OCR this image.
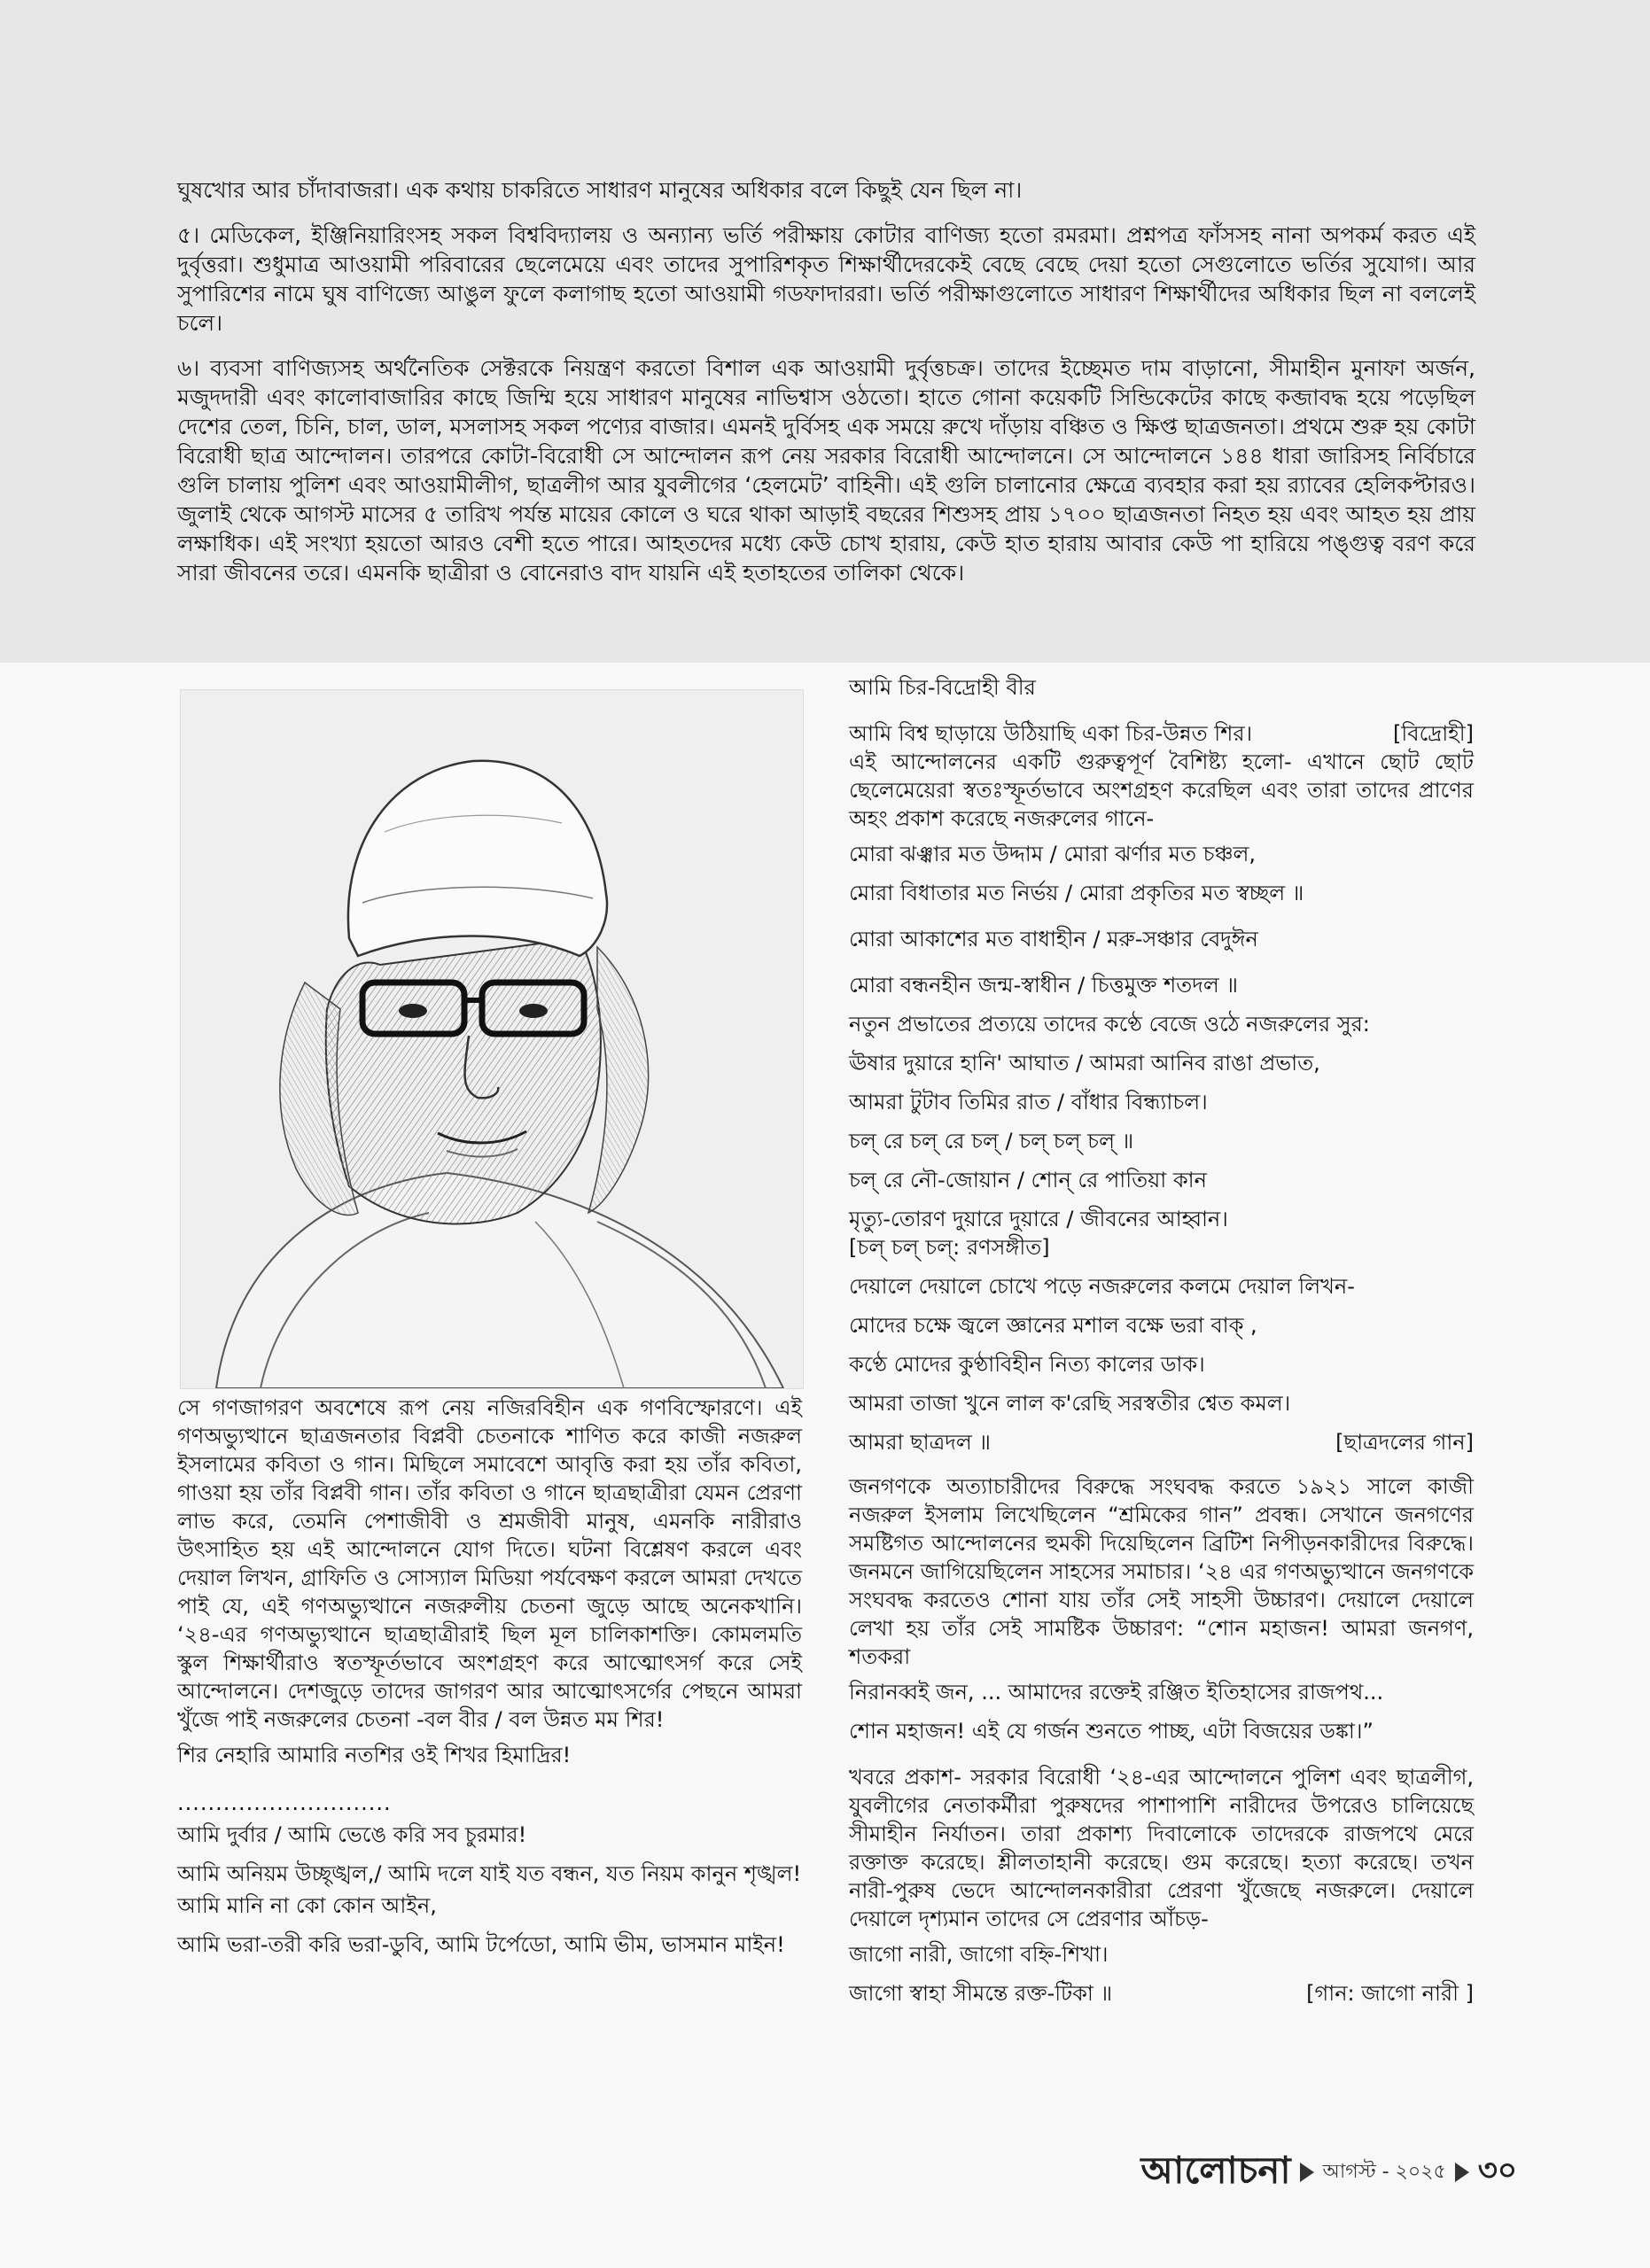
ঘুষখোর আর চাঁদাবাজরা। এক কথায় চাকরিতে সাধারণ মানুষের অধিকার বলে কিছুই যেন ছিল না।

৫। মেডিকেল, ইঞ্জিনিয়ারিংসহ সকল বিশ্ববিদ্যালয় ও অন্যান্য ভর্তি পরীক্ষায় কোটার বাণিজ্য হতো রমরমা। প্রশ্নপত্র ফাঁসসহ নানা অপকর্ম করত এই দুর্বৃত্তরা। শুধুমাত্র আওয়ামী পরিবারের ছেলেমেয়ে এবং তাদের সুপারিশকৃত শিক্ষার্থীদেরকেই বেছে বেছে দেয়া হতো সেগুলোতে ভর্তির সুযোগ। আর সুপারিশের নামে ঘুষ বাণিজ্যে আঙুল ফুলে কলাগাছ হতো আওয়ামী গডফাদাররা। ভর্তি পরীক্ষাগুলোতে সাধারণ শিক্ষার্থীদের অধিকার ছিল না বললেই চলে।

৬। ব্যবসা বাণিজ্যসহ অর্থনৈতিক সেক্টরকে নিয়ন্ত্রণ করতো বিশাল এক আওয়ামী দুর্বৃত্তচক্র। তাদের ইচ্ছেমত দাম বাড়ানো, সীমাহীন মুনাফা অর্জন, মজুদদারী এবং কালোবাজারির কাছে জিম্মি হয়ে সাধারণ মানুষের নাভিশ্বাস ওঠতো। হাতে গোনা কয়েকটি সিন্ডিকেটের কাছে কব্জাবদ্ধ হয়ে পড়েছিল দেশের তেল, চিনি, চাল, ডাল, মসলাসহ সকল পণ্যের বাজার। এমনই দুর্বিসহ এক সময়ে রুখে দাঁড়ায় বঞ্চিত ও ক্ষিপ্ত ছাত্রজনতা। প্রথমে শুরু হয় কোটা বিরোধী ছাত্র আন্দোলন। তারপরে কোটা-বিরোধী সে আন্দোলন রূপ নেয় সরকার বিরোধী আন্দোলনে। সে আন্দোলনে ১৪৪ ধারা জারিসহ নির্বিচারে গুলি চালায় পুলিশ এবং আওয়ামীলীগ, ছাত্রলীগ আর যুবলীগের ‘হেলমেট’ বাহিনী। এই গুলি চালানোর ক্ষেত্রে ব্যবহার করা হয় র‍্যাবের হেলিকপ্টারও। জুলাই থেকে আগস্ট মাসের ৫ তারিখ পর্যন্ত মায়ের কোলে ও ঘরে থাকা আড়াই বছরের শিশুসহ প্রায় ১৭০০ ছাত্রজনতা নিহত হয় এবং আহত হয় প্রায় লক্ষাধিক। এই সংখ্যা হয়তো আরও বেশী হতে পারে। আহতদের মধ্যে কেউ চোখ হারায়, কেউ হাত হারায় আবার কেউ পা হারিয়ে পঙ্গুত্ব বরণ করে সারা জীবনের তরে। এমনকি ছাত্রীরা ও বোনেরাও বাদ যায়নি এই হতাহতের তালিকা থেকে।

সে গণজাগরণ অবশেষে রূপ নেয় নজিরবিহীন এক গণবিস্ফোরণে। এই গণঅভ্যুত্থানে ছাত্রজনতার বিপ্লবী চেতনাকে শাণিত করে কাজী নজরুল ইসলামের কবিতা ও গান। মিছিলে সমাবেশে আবৃত্তি করা হয় তাঁর কবিতা, গাওয়া হয় তাঁর বিপ্লবী গান। তাঁর কবিতা ও গানে ছাত্রছাত্রীরা যেমন প্রেরণা লাভ করে, তেমনি পেশাজীবী ও শ্রমজীবী মানুষ, এমনকি নারীরাও উৎসাহিত হয় এই আন্দোলনে যোগ দিতে। ঘটনা বিশ্লেষণ করলে এবং দেয়াল লিখন, গ্রাফিতি ও সোস্যাল মিডিয়া পর্যবেক্ষণ করলে আমরা দেখতে পাই যে, এই গণঅভ্যুত্থানে নজরুলীয় চেতনা জুড়ে আছে অনেকখানি। ‘২৪-এর গণঅভ্যুত্থানে ছাত্রছাত্রীরাই ছিল মূল চালিকাশক্তি। কোমলমতি স্কুল শিক্ষার্থীরাও স্বতস্ফূর্তভাবে অংশগ্রহণ করে আত্মোৎসর্গ করে সেই আন্দোলনে। দেশজুড়ে তাদের জাগরণ আর আত্মোৎসর্গের পেছনে আমরা খুঁজে পাই নজরুলের চেতনা -বল বীর / বল উন্নত মম শির!

শির নেহারি আমারি নতশির ওই শিখর হিমাদ্রির!

............................

আমি দুর্বার / আমি ভেঙে করি সব চুরমার!

আমি অনিয়ম উচ্ছৃঙ্খল,/ আমি দলে যাই যত বন্ধন, যত নিয়ম কানুন শৃঙ্খল!

আমি মানি না কো কোন আইন,

আমি ভরা-তরী করি ভরা-ডুবি, আমি টর্পেডো, আমি ভীম, ভাসমান মাইন!

আমি চির-বিদ্রোহী বীর

আমি বিশ্ব ছাড়ায়ে উঠিয়াছি একা চির-উন্নত শির।	[বিদ্রোহী]

এই আন্দোলনের একটি গুরুত্বপূর্ণ বৈশিষ্ট্য হলো- এখানে ছোট ছোট ছেলেমেয়েরা স্বতঃস্ফূর্তভাবে অংশগ্রহণ করেছিল এবং তারা তাদের প্রাণের অহং প্রকাশ করেছে নজরুলের গানে-

মোরা ঝঞ্ঝার মত উদ্দাম / মোরা ঝর্ণার মত চঞ্চল,

মোরা বিধাতার মত নির্ভয় / মোরা প্রকৃতির মত স্বচ্ছল ॥

মোরা আকাশের মত বাধাহীন / মরু-সঞ্চার বেদুঈন

মোরা বন্ধনহীন জন্ম-স্বাধীন / চিত্তমুক্ত শতদল ॥

নতুন প্রভাতের প্রত্যয়ে তাদের কণ্ঠে বেজে ওঠে নজরুলের সুর:

ঊষার দুয়ারে হানি' আঘাত / আমরা আনিব রাঙা প্রভাত,

আমরা টুটাব তিমির রাত / বাঁধার বিন্ধ্যাচল।

চল্ রে চল্ রে চল্ / চল্ চল্ চল্ ॥

চল্ রে নৌ-জোয়ান / শোন্ রে পাতিয়া কান

মৃত্যু-তোরণ দুয়ারে দুয়ারে / জীবনের আহ্বান।

[চল্ চল্ চল্: রণসঙ্গীত]

দেয়ালে দেয়ালে চোখে পড়ে নজরুলের কলমে দেয়াল লিখন-

মোদের চক্ষে জ্বলে জ্ঞানের মশাল বক্ষে ভরা বাক্ ,

কণ্ঠে মোদের কুণ্ঠাবিহীন নিত্য কালের ডাক।

আমরা তাজা খুনে লাল ক'রেছি সরস্বতীর শ্বেত কমল।

আমরা ছাত্রদল ॥	[ছাত্রদলের গান]

জনগণকে অত্যাচারীদের বিরুদ্ধে সংঘবদ্ধ করতে ১৯২১ সালে কাজী নজরুল ইসলাম লিখেছিলেন “শ্রমিকের গান” প্রবন্ধ। সেখানে জনগণের সমষ্টিগত আন্দোলনের হুমকী দিয়েছিলেন ব্রিটিশ নিপীড়নকারীদের বিরুদ্ধে। জনমনে জাগিয়েছিলেন সাহসের সমাচার। ‘২৪ এর গণঅভ্যুত্থানে জনগণকে সংঘবদ্ধ করতেও শোনা যায় তাঁর সেই সাহসী উচ্চারণ। দেয়ালে দেয়ালে লেখা হয় তাঁর সেই সামষ্টিক উচ্চারণ: “শোন মহাজন! আমরা জনগণ, শতকরা

নিরানব্বই জন, ... আমাদের রক্তেই রঞ্জিত ইতিহাসের রাজপথ...

শোন মহাজন! এই যে গর্জন শুনতে পাচ্ছ, এটা বিজয়ের ডঙ্কা।”

খবরে প্রকাশ- সরকার বিরোধী ‘২৪-এর আন্দোলনে পুলিশ এবং ছাত্রলীগ, যুবলীগের নেতাকর্মীরা পুরুষদের পাশাপাশি নারীদের উপরেও চালিয়েছে সীমাহীন নির্যাতন। তারা প্রকাশ্য দিবালোকে তাদেরকে রাজপথে মেরে রক্তাক্ত করেছে। শ্লীলতাহানী করেছে। গুম করেছে। হত্যা করেছে। তখন নারী-পুরুষ ভেদে আন্দোলনকারীরা প্রেরণা খুঁজেছে নজরুলে। দেয়ালে দেয়ালে দৃশ্যমান তাদের সে প্রেরণার আঁচড়-

জাগো নারী, জাগো বহ্নি-শিখা।

জাগো স্বাহা সীমন্তে রক্ত-টিকা ॥	[গান: জাগো নারী ]
আলোচনা আগস্ট - ২০২৫ ৩০
